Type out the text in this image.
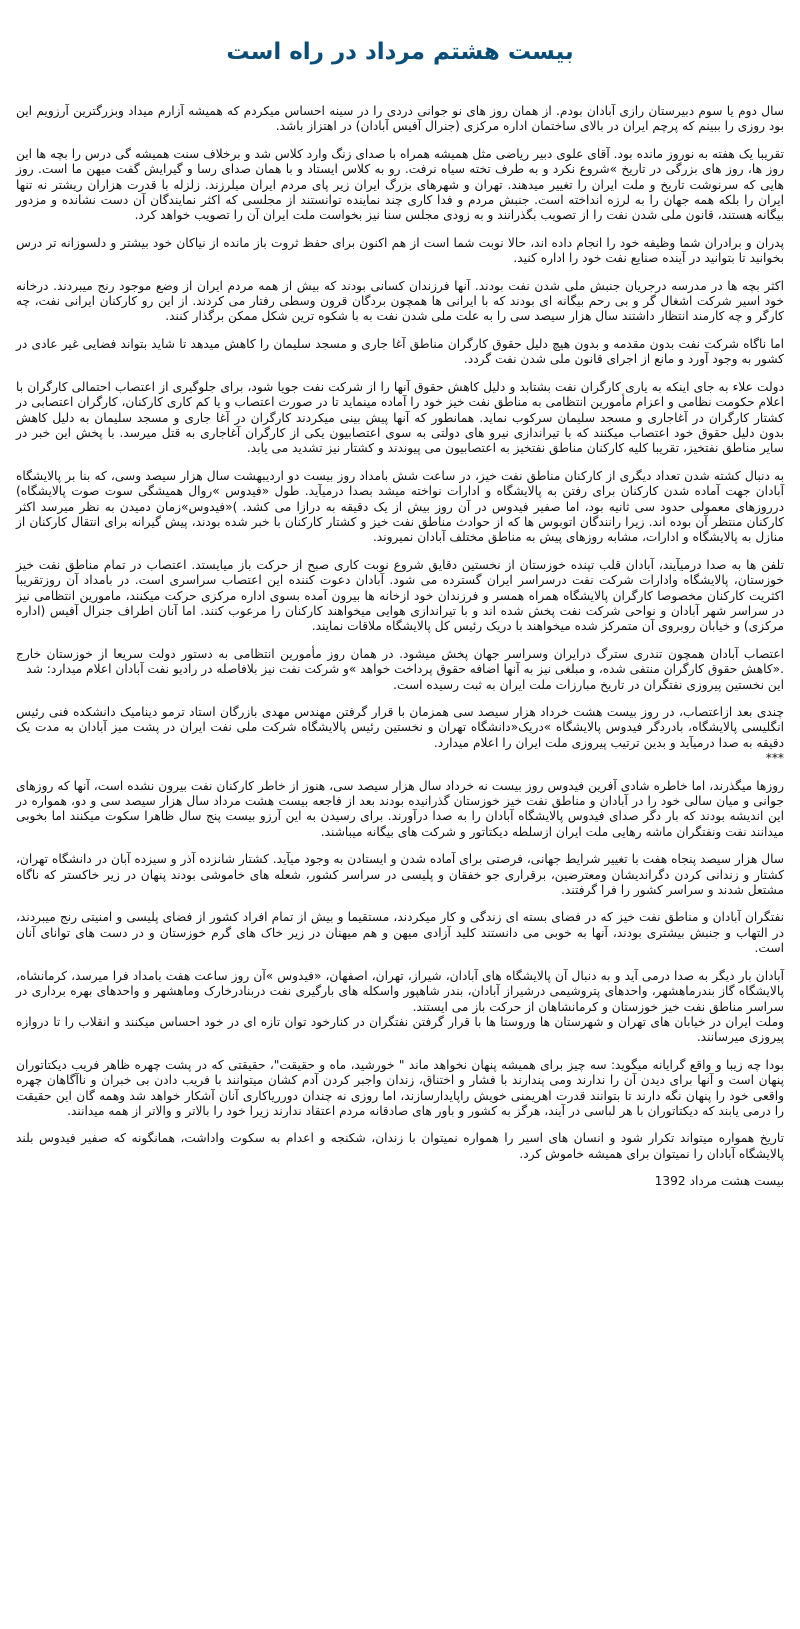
بیست هشتم مرداد در راه است

سال دوم یا سوم دبیرستان رازی آبادان بودم. از همان روز های نو جوانی دردی را در سینه احساس میکردم که همیشه آزارم میداد وبزرگترین آرزویم این بود روزی را ببینم که پرچم ایران در بالای ساختمان اداره مرکزی (جنرال آفیس آبادان) در اهتزاز باشد.

تقریبا یک هفته به نوروز مانده بود. آقای علوی دبیر ریاضی مثل همیشه همراه با صدای زنگ وارد کلاس شد و برخلاف سنت همیشه گی درس را بچه ها این روز ها، روز های بزرگی در تاریخ »شروع نکرد و به طرف تخته سیاه نرفت. رو به کلاس ایستاد و با همان صدای رسا و گیرایش گفت میهن ما است. روز هایی که سرنوشت تاریخ و ملت ایران را تغییر میدهند. تهران و شهرهای بزرگ ایران زیر پای مردم ایران میلرزند. زلزله با قدرت هزاران ریشتر نه تنها ایران را بلکه همه جهان را به لرزه انداخته است. جنبش مردم و فدا کاری چند نماینده توانستند از مجلسی که اکثر نمایندگان آن دست نشانده و مزدور بیگانه هستند، قانون ملی شدن نفت را از تصویب بگذرانند و به زودی مجلس سنا نیز بخواست ملت ایران آن را تصویب خواهد کرد.

پدران و برادران شما وظیفه خود را انجام داده اند، حالا نوبت شما است از هم اکنون برای حفظ ثروت باز مانده از نیاکان خود بیشتر و دلسوزانه تر درس بخوانید تا بتوانید در آینده صنایع نفت خود را اداره کنید.

اکثر بچه ها در مدرسه درجریان جنبش ملی شدن نفت بودند. آنها فرزندان کسانی بودند که بیش از همه مردم ایران از وضع موجود رنج میبردند. درخانه خود اسیر شرکت اشغال گر و بی رحم بیگانه ای بودند که با ایرانی ها همچون بردگان قرون وسطی رفتار می کردند. از این رو کارکنان ایرانی نفت، چه کارگر و چه کارمند انتظار داشتند سال هزار سیصد سی را به علت ملی شدن نفت به با شکوه ترین شکل ممکن برگذار کنند.

اما ناگاه شرکت نفت بدون مقدمه و بدون هیچ دلیل حقوق کارگران مناطق آغا جاری و مسجد سلیمان را کاهش میدهد تا شاید بتواند فضایی غیر عادی در کشور به وجود آورد و مانع از اجرای قانون ملی شدن نفت گردد.

دولت علاء به جای اینکه به یاری کارگران نفت بشتابد و دلیل کاهش حقوق آنها را از شرکت نفت جویا شود، برای جلوگیری از اعتصاب احتمالی کارگران با اعلام حکومت نظامی و اعزام مأمورین انتظامی به مناطق نفت خیز خود را آماده مینماید تا در صورت اعتصاب و یا کم کاری کارکنان، کارگران اعتصابی در کشتار کارگران در آغاجاری و مسجد سلیمان سرکوب نماید. همانطور که آنها پیش بینی میکردند کارگران در آغا جاری و مسجد سلیمان به دلیل کاهش بدون دلیل حقوق خود اعتصاب میکنند که با تیراندازی نیرو های دولتی به سوی اعتصابیون یکی از کارگران آغاجاری به قتل میرسد. با پخش این خبر در سایر مناطق نفتخیز، تقریبا کلیه کارکنان مناطق نفتخیز به اعتصابیون می پیوندند و کشتار نیز تشدید می یابد.

به دنبال کشته شدن تعداد دیگری از کارکنان مناطق نفت خیز، در ساعت شش بامداد روز بیست دو اردیبهشت سال هزار سیصد وسی، که بنا بر پالایشگاه آبادان جهت آماده شدن کارکنان برای رفتن به پالایشگاه و ادارات نواخته میشد بصدا درمیآید. طول «فیدوس »روال همیشگی سوت صوت پالایشگاه) درروزهای معمولی حدود سی ثانیه بود، اما صفیر فیدوس در آن روز بیش از یک دقیقه به درازا می کشد. )«فیدوس»زمان دمیدن به نظر میرسد اکثر کارکنان منتظر آن بوده اند. زیرا رانندگان اتوبوس ها که از حوادث مناطق نفت خیز و کشتار کارکنان با خبر شده بودند، پیش گیرانه برای انتقال کارکنان از منازل به پالایشگاه و ادارات، مشابه روزهای پیش به مناطق مختلف آبادان نمیروند.

تلفن ها به صدا درمیآیند، آبادان قلب تپنده خوزستان از نخستین دقایق شروع نوبت کاری صبح از حرکت باز میایستد. اعتصاب در تمام مناطق نفت خیز خوزستان، پالایشگاه وادارات شرکت نفت درسراسر ایران گسترده می شود. آبادان دعوت کننده این اعتصاب سراسری است. در بامداد آن روزتقریبا اکثریت کارکنان مخصوصا کارگران پالایشگاه همراه همسر و فرزندان خود ازخانه ها بیرون آمده بسوی اداره مرکزی حرکت میکنند، مامورین انتظامی نیز در سراسر شهر آبادان و نواحی شرکت نفت پخش شده اند و با تیراندازی هوایی میخواهند کارکنان را مرعوب کنند. اما آنان اطراف جنرال آفیس (اداره مرکزی) و خیابان روبروی آن متمرکز شده میخواهند با دریک رئیس کل پالایشگاه ملاقات نمایند.

اعتصاب آبادان همچون تندری سترگ درایران وسراسر جهان پخش میشود. در همان روز مأمورین انتظامی به دستور دولت سریعا از خوزستان خارج .«کاهش حقوق کارگران منتفی شده، و مبلغی نیز به آنها اضافه حقوق پرداخت خواهد »و شرکت نفت نیز بلافاصله در رادیو نفت آبادان اعلام میدارد: شد
این نخستین پیروزی نفتگران در تاریخ مبارزات ملت ایران به ثبت رسیده است.

چندی بعد ازاعتصاب، در روز بیست هشت خرداد هزار سیصد سی همزمان با قرار گرفتن مهندس مهدی بازرگان استاد ترمو دینامیک دانشکده فنی رئیس انگلیسی پالایشگاه، بادردگر فیدوس پالایشگاه »دریک«دانشگاه تهران و نخستین رئیس پالایشگاه شرکت ملی نفت ایران در پشت میز آبادان به مدت یک دقیقه به صدا درمیآید و بدین ترتیب پیروزی ملت ایران را اعلام میدارد.
***

روزها میگذرند، اما خاطره شادی آفرین فیدوس روز بیست نه خرداد سال هزار سیصد سی، هنوز از خاطر کارکنان نفت بیرون نشده است، آنها که روزهای جوانی و میان سالی خود را در آبادان و مناطق نفت خیز خوزستان گذرانیده بودند بعد از فاجعه بیست هشت مرداد سال هزار سیصد سی و دو، همواره در این اندیشه بودند که بار دگر صدای فیدوس پالایشگاه آبادان را به صدا درآورند. برای رسیدن به این آرزو بیست پنج سال ظاهرا سکوت میکنند اما بخوبی میدانند نفت ونفتگران ماشه رهایی ملت ایران ازسلطه دیکتاتور و شرکت های بیگانه میباشند.

سال هزار سیصد پنجاه هفت با تغییر شرایط جهانی، فرصتی برای آماده شدن و ایستادن به وجود میآید. کشتار شانزده آذر و سیزده آبان در دانشگاه تهران، کشتار و زندانی کردن دگراندیشان ومعترضین، برقراری جو خفقان و پلیسی در سراسر کشور، شعله های خاموشی بودند پنهان در زیر خاکستر که ناگاه مشتعل شدند و سراسر کشور را فرا گرفتند.

نفتگران آبادان و مناطق نفت خیز که در فضای بسته ای زندگی و کار میکردند، مستقیما و بیش از تمام افراد کشور از فضای پلیسی و امنیتی رنج میبردند، در التهاب و جنبش بیشتری بودند، آنها به خوبی می دانستند کلید آزادی میهن و هم میهنان در زیر خاک های گرم خوزستان و در دست های توانای آنان است.

آبادان بار دیگر به صدا درمی آید و به دنبال آن پالایشگاه های آبادان، شیراز، تهران، اصفهان، «فیدوس »آن روز ساعت هفت بامداد فرا میرسد، کرمانشاه، پالایشگاه گاز بندرماهشهر، واحدهای پتروشیمی درشیراز آبادان، بندر شاهپور واسکله های بارگیری نفت دربنادرخارک وماهشهر و واحدهای بهره برداری در سراسر مناطق نفت خیز خوزستان و کرمانشاهان از حرکت باز می ایستند.
وملت ایران در خیابان های تهران و شهرستان ها وروستا ها با قرار گرفتن نفتگران در کنارخود توان تازه ای در خود احساس میکنند و انقلاب را تا دروازه پیروزی میرسانند.

بودا چه زیبا و واقع گرایانه میگوید: سه چیز برای همیشه پنهان نخواهد ماند " خورشید، ماه و حقیقت"، حقیقتی که در پشت چهره ظاهر فریب دیکتاتوران پنهان است و آنها برای دیدن آن را ندارند ومی پندارند با فشار و اختناق، زندان واجبر کردن آدم کشان میتوانند با فریب دادن بی خبران و ناآگاهان چهره واقعی خود را پنهان نگه دارند تا بتوانند قدرت اهریمنی خویش راپایدارسازند، اما روزی نه چندان دورریاکاری آنان آشکار خواهد شد وهمه گان این حقیقت را درمی یابند که دیکتاتوران با هر لباسی در آیند، هرگز به کشور و باور های صادقانه مردم اعتقاد ندارند زیرا خود را بالاتر و والاتر از همه میدانند.

تاریخ همواره میتواند تکرار شود و انسان های اسیر را همواره نمیتوان با زندان، شکنجه و اعدام به سکوت واداشت، همانگونه که صفیر فیدوس بلند پالایشگاه آبادان را نمیتوان برای همیشه خاموش کرد.

بیست هشت مرداد 1392
